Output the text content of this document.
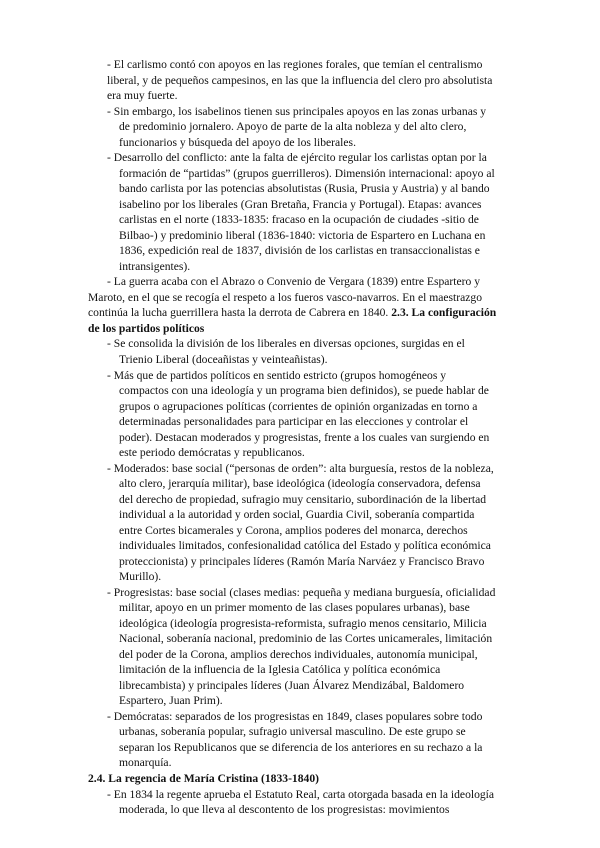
- El carlismo contó con apoyos en las regiones forales, que temían el centralismo
liberal, y de pequeños campesinos, en las que la influencia del clero pro absolutista
era muy fuerte.
- Sin embargo, los isabelinos tienen sus principales apoyos en las zonas urbanas y
de predominio jornalero. Apoyo de parte de la alta nobleza y del alto clero,
funcionarios y búsqueda del apoyo de los liberales.
- Desarrollo del conflicto: ante la falta de ejército regular los carlistas optan por la
formación de “partidas” (grupos guerrilleros). Dimensión internacional: apoyo al
bando carlista por las potencias absolutistas (Rusia, Prusia y Austria) y al bando
isabelino por los liberales (Gran Bretaña, Francia y Portugal). Etapas: avances
carlistas en el norte (1833-1835: fracaso en la ocupación de ciudades -sitio de
Bilbao-) y predominio liberal (1836-1840: victoria de Espartero en Luchana en
1836, expedición real de 1837, división de los carlistas en transaccionalistas e
intransigentes).
- La guerra acaba con el Abrazo o Convenio de Vergara (1839) entre Espartero y
Maroto, en el que se recogía el respeto a los fueros vasco-navarros. En el maestrazgo
continúa la lucha guerrillera hasta la derrota de Cabrera en 1840. 2.3. La configuración
de los partidos políticos
- Se consolida la división de los liberales en diversas opciones, surgidas en el
Trienio Liberal (doceañistas y veinteañistas).
- Más que de partidos políticos en sentido estricto (grupos homogéneos y
compactos con una ideología y un programa bien definidos), se puede hablar de
grupos o agrupaciones políticas (corrientes de opinión organizadas en torno a
determinadas personalidades para participar en las elecciones y controlar el
poder). Destacan moderados y progresistas, frente a los cuales van surgiendo en
este periodo demócratas y republicanos.
- Moderados: base social (“personas de orden”: alta burguesía, restos de la nobleza,
alto clero, jerarquía militar), base ideológica (ideología conservadora, defensa
del derecho de propiedad, sufragio muy censitario, subordinación de la libertad
individual a la autoridad y orden social, Guardia Civil, soberanía compartida
entre Cortes bicamerales y Corona, amplios poderes del monarca, derechos
individuales limitados, confesionalidad católica del Estado y política económica
proteccionista) y principales líderes (Ramón María Narváez y Francisco Bravo
Murillo).
- Progresistas: base social (clases medias: pequeña y mediana burguesía, oficialidad
militar, apoyo en un primer momento de las clases populares urbanas), base
ideológica (ideología progresista-reformista, sufragio menos censitario, Milicia
Nacional, soberanía nacional, predominio de las Cortes unicamerales, limitación
del poder de la Corona, amplios derechos individuales, autonomía municipal,
limitación de la influencia de la Iglesia Católica y política económica
librecambista) y principales líderes (Juan Álvarez Mendizábal, Baldomero
Espartero, Juan Prim).
- Demócratas: separados de los progresistas en 1849, clases populares sobre todo
urbanas, soberanía popular, sufragio universal masculino. De este grupo se
separan los Republicanos que se diferencia de los anteriores en su rechazo a la
monarquía.
2.4. La regencia de María Cristina (1833-1840)
- En 1834 la regente aprueba el Estatuto Real, carta otorgada basada en la ideología
moderada, lo que lleva al descontento de los progresistas: movimientos
